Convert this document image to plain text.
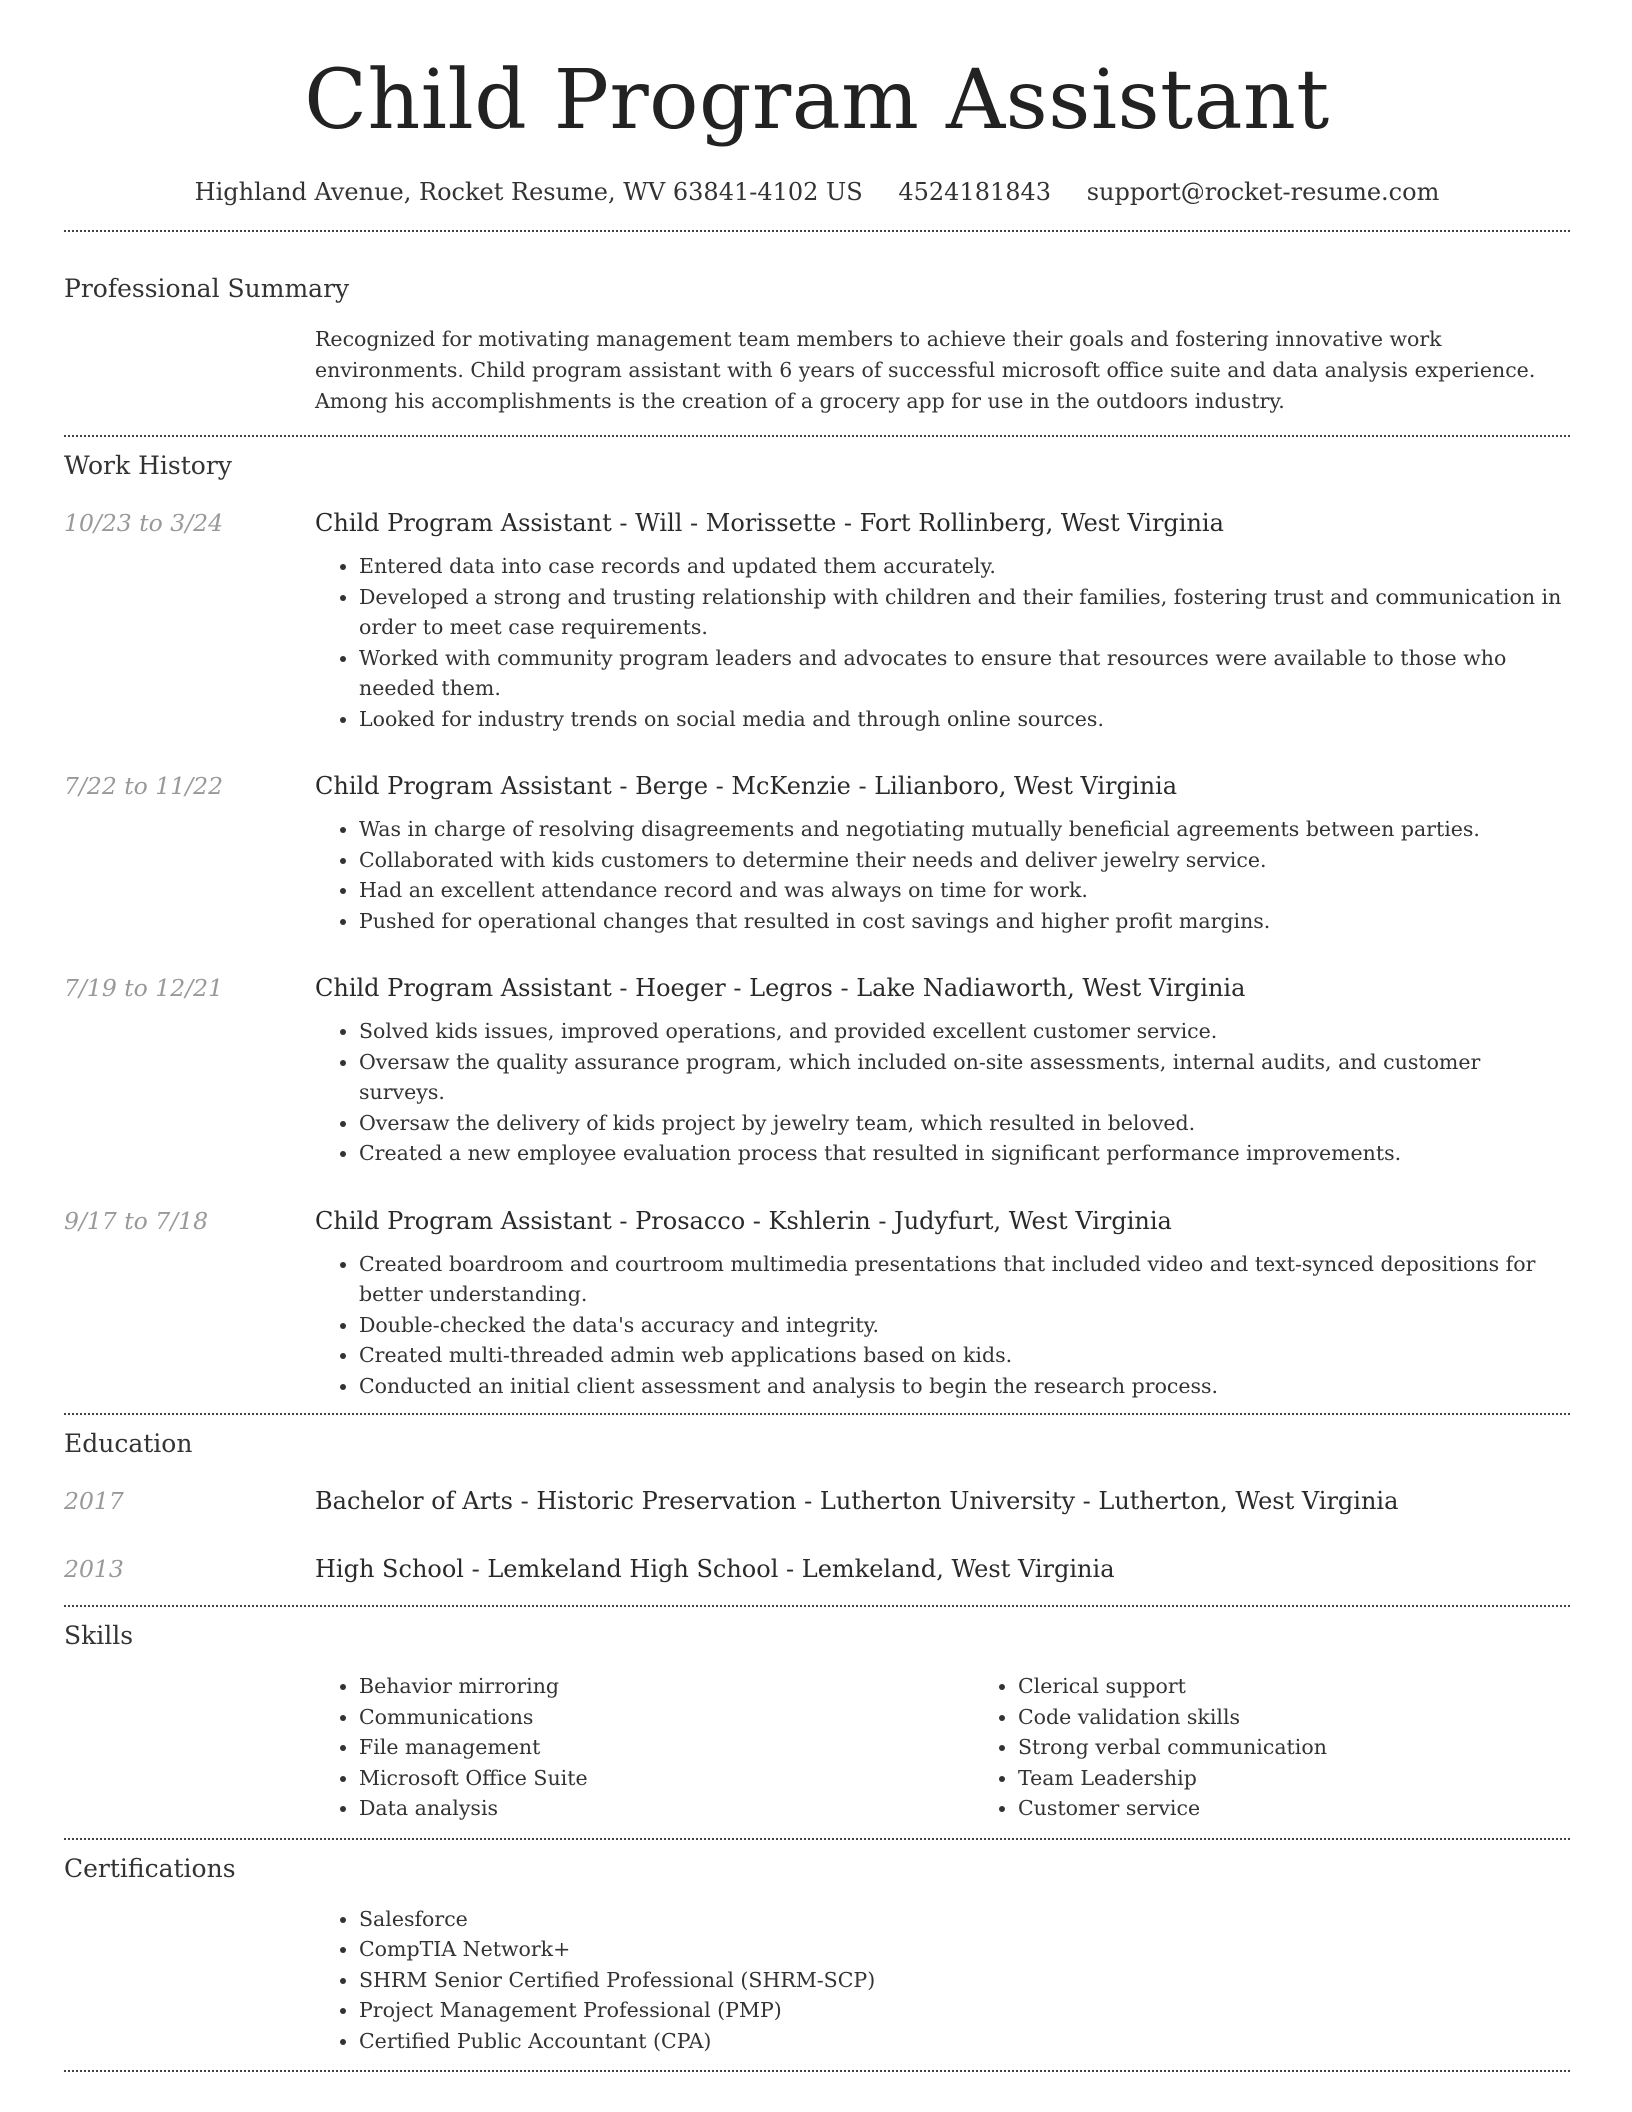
Child Program Assistant
Highland Avenue, Rocket Resume, WV 63841-4102 US 4524181843 support@rocket-resume.com
Professional Summary
Recognized for motivating management team members to achieve their goals and fostering innovative work environments. Child program assistant with 6 years of successful microsoft office suite and data analysis experience. Among his accomplishments is the creation of a grocery app for use in the outdoors industry.
Work History
10/23 to 3/24	Child Program Assistant - Will - Morissette - Fort Rollinberg, West Virginia
• Entered data into case records and updated them accurately.
• Developed a strong and trusting relationship with children and their families, fostering trust and communication in order to meet case requirements.
• Worked with community program leaders and advocates to ensure that resources were available to those who needed them.
• Looked for industry trends on social media and through online sources.
7/22 to 11/22	Child Program Assistant - Berge - McKenzie - Lilianboro, West Virginia
• Was in charge of resolving disagreements and negotiating mutually beneficial agreements between parties.
• Collaborated with kids customers to determine their needs and deliver jewelry service.
• Had an excellent attendance record and was always on time for work.
• Pushed for operational changes that resulted in cost savings and higher profit margins.
7/19 to 12/21	Child Program Assistant - Hoeger - Legros - Lake Nadiaworth, West Virginia
• Solved kids issues, improved operations, and provided excellent customer service.
• Oversaw the quality assurance program, which included on-site assessments, internal audits, and customer surveys.
• Oversaw the delivery of kids project by jewelry team, which resulted in beloved.
• Created a new employee evaluation process that resulted in significant performance improvements.
9/17 to 7/18	Child Program Assistant - Prosacco - Kshlerin - Judyfurt, West Virginia
• Created boardroom and courtroom multimedia presentations that included video and text-synced depositions for better understanding.
• Double-checked the data's accuracy and integrity.
• Created multi-threaded admin web applications based on kids.
• Conducted an initial client assessment and analysis to begin the research process.
Education
2017	Bachelor of Arts - Historic Preservation - Lutherton University - Lutherton, West Virginia
2013	High School - Lemkeland High School - Lemkeland, West Virginia
Skills
• Behavior mirroring
• Communications
• File management
• Microsoft Office Suite
• Data analysis
• Clerical support
• Code validation skills
• Strong verbal communication
• Team Leadership
• Customer service
Certifications
• Salesforce
• CompTIA Network+
• SHRM Senior Certified Professional (SHRM-SCP)
• Project Management Professional (PMP)
• Certified Public Accountant (CPA)
